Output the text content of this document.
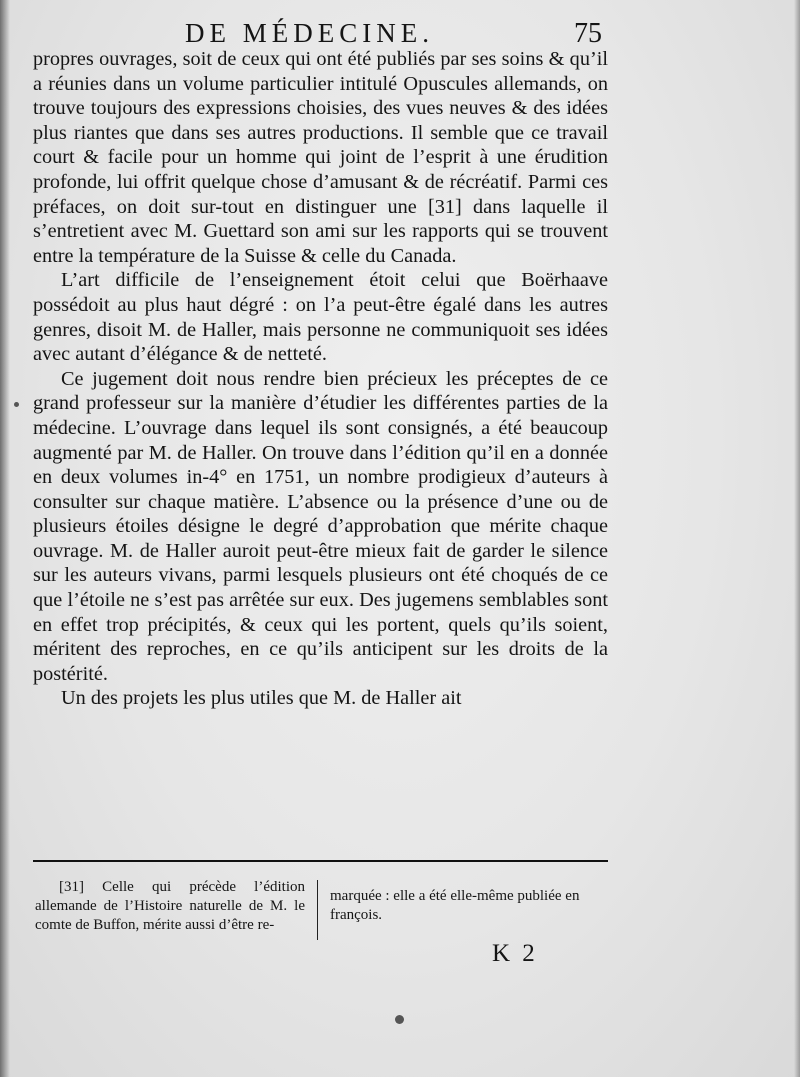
DE MÉDECINE.	75

propres ouvrages, soit de ceux qui ont été publiés par ses soins & qu’il a réunies dans un volume particulier intitulé Opuscules allemands, on trouve toujours des expressions choisies, des vues neuves & des idées plus riantes que dans ses autres productions. Il semble que ce travail court & facile pour un homme qui joint de l’esprit à une érudition profonde, lui offrit quelque chose d’amusant & de récréatif. Parmi ces préfaces, on doit sur-tout en distinguer une [31] dans laquelle il s’entretient avec M. Guettard son ami sur les rapports qui se trouvent entre la température de la Suisse & celle du Canada.

L’art difficile de l’enseignement étoit celui que Boërhaave possédoit au plus haut dégré : on l’a peut-être égalé dans les autres genres, disoit M. de Haller, mais personne ne communiquoit ses idées avec autant d’élégance & de netteté.

Ce jugement doit nous rendre bien précieux les préceptes de ce grand professeur sur la manière d’étudier les différentes parties de la médecine. L’ouvrage dans lequel ils sont consignés, a été beaucoup augmenté par M. de Haller. On trouve dans l’édition qu’il en a donnée en deux volumes in-4° en 1751, un nombre prodigieux d’auteurs à consulter sur chaque matière. L’absence ou la présence d’une ou de plusieurs étoiles désigne le degré d’approbation que mérite chaque ouvrage. M. de Haller auroit peut-être mieux fait de garder le silence sur les auteurs vivans, parmi lesquels plusieurs ont été choqués de ce que l’étoile ne s’est pas arrêtée sur eux. Des jugemens semblables sont en effet trop précipités, & ceux qui les portent, quels qu’ils soient, méritent des reproches, en ce qu’ils anticipent sur les droits de la postérité.

Un des projets les plus utiles que M. de Haller ait

[31] Celle qui précède l’édition allemande de l’Histoire naturelle de M. le comte de Buffon, mérite aussi d’être re-

marquée : elle a été elle-même publiée en françois.

K 2
